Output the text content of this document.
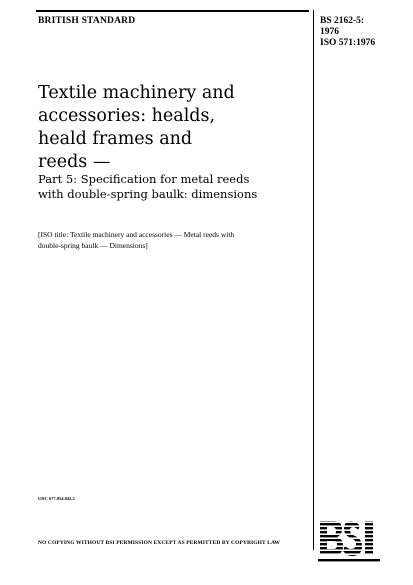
BRITISH STANDARD	BS 2162-5:
1976
ISO 571:1976
Textile machinery and
accessories: healds,
heald frames and
reeds —
Part 5: Specification for metal reeds
with double-spring baulk: dimensions
[ISO title: Textile machinery and accessories — Metal reeds with
double-spring baulk — Dimensions]
UDC 677.054.842.2
NO COPYING WITHOUT BSI PERMISSION EXCEPT AS PERMITTED BY COPYRIGHT LAW
